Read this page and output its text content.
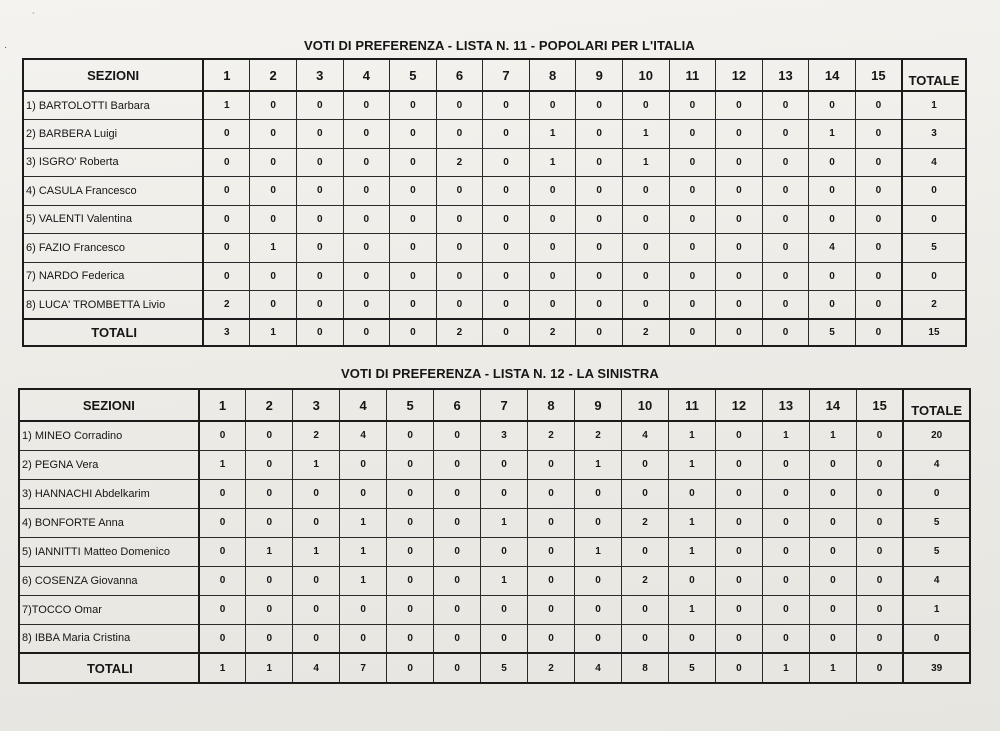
˙
·	VOTI DI PREFERENZA - LISTA N. 11 - POPOLARI PER L'ITALIA
SEZIONI	1	2	3	4	5	6	7	8	9	10	11	12	13	14	15	TOTALE
1) BARTOLOTTI Barbara	1	0	0	0	0	0	0	0	0	0	0	0	0	0	0	1
2) BARBERA Luigi	0	0	0	0	0	0	0	1	0	1	0	0	0	1	0	3
3) ISGRO' Roberta	0	0	0	0	0	2	0	1	0	1	0	0	0	0	0	4
4) CASULA Francesco	0	0	0	0	0	0	0	0	0	0	0	0	0	0	0	0
5) VALENTI Valentina	0	0	0	0	0	0	0	0	0	0	0	0	0	0	0	0
6) FAZIO Francesco	0	1	0	0	0	0	0	0	0	0	0	0	0	4	0	5
7) NARDO Federica	0	0	0	0	0	0	0	0	0	0	0	0	0	0	0	0
8) LUCA' TROMBETTA Livio	2	0	0	0	0	0	0	0	0	0	0	0	0	0	0	2
TOTALI	3	1	0	0	0	2	0	2	0	2	0	0	0	5	0	15
VOTI DI PREFERENZA - LISTA N. 12 - LA SINISTRA
SEZIONI	1	2	3	4	5	6	7	8	9	10	11	12	13	14	15	TOTALE
1) MINEO Corradino	0	0	2	4	0	0	3	2	2	4	1	0	1	1	0	20
2) PEGNA Vera	1	0	1	0	0	0	0	0	1	0	1	0	0	0	0	4
3) HANNACHI Abdelkarim	0	0	0	0	0	0	0	0	0	0	0	0	0	0	0	0
4) BONFORTE Anna	0	0	0	1	0	0	1	0	0	2	1	0	0	0	0	5
5) IANNITTI Matteo Domenico	0	1	1	1	0	0	0	0	1	0	1	0	0	0	0	5
6) COSENZA Giovanna	0	0	0	1	0	0	1	0	0	2	0	0	0	0	0	4
7)TOCCO Omar	0	0	0	0	0	0	0	0	0	0	1	0	0	0	0	1
8) IBBA Maria Cristina	0	0	0	0	0	0	0	0	0	0	0	0	0	0	0	0
TOTALI	1	1	4	7	0	0	5	2	4	8	5	0	1	1	0	39
